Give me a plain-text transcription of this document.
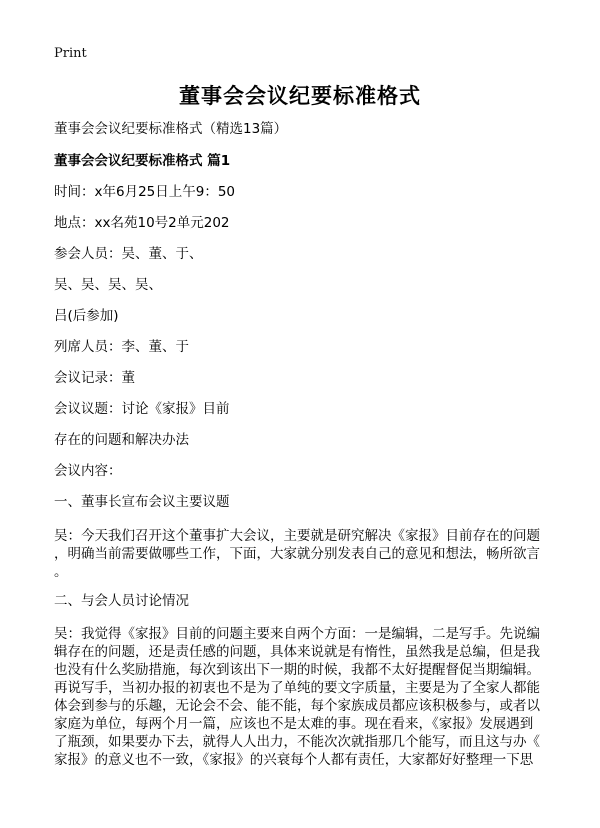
Print
董事会会议纪要标准格式
董事会会议纪要标准格式（精选13篇）
董事会会议纪要标准格式 篇1
时间：x年6月25日上午9：50
地点：xx名苑10号2单元202
参会人员：吴、董、于、
吴、吴、吴、吴、
吕(后参加)
列席人员：李、董、于
会议记录：董
会议议题：讨论《家报》目前
存在的问题和解决办法
会议内容：
一、董事长宣布会议主要议题
吴：今天我们召开这个董事扩大会议，主要就是研究解决《家报》目前存在的问题
，明确当前需要做哪些工作，下面，大家就分别发表自己的意见和想法，畅所欲言
。
二、与会人员讨论情况
吴：我觉得《家报》目前的问题主要来自两个方面：一是编辑，二是写手。先说编
辑存在的问题，还是责任感的问题，具体来说就是有惰性，虽然我是总编，但是我
也没有什么奖励措施，每次到该出下一期的时候，我都不太好提醒督促当期编辑。
再说写手，当初办报的初衷也不是为了单纯的要文字质量，主要是为了全家人都能
体会到参与的乐趣，无论会不会、能不能，每个家族成员都应该积极参与，或者以
家庭为单位，每两个月一篇，应该也不是太难的事。现在看来，《家报》发展遇到
了瓶颈，如果要办下去，就得人人出力，不能次次就指那几个能写，而且这与办《
家报》的意义也不一致，《家报》的兴衰每个人都有责任，大家都好好整理一下思
